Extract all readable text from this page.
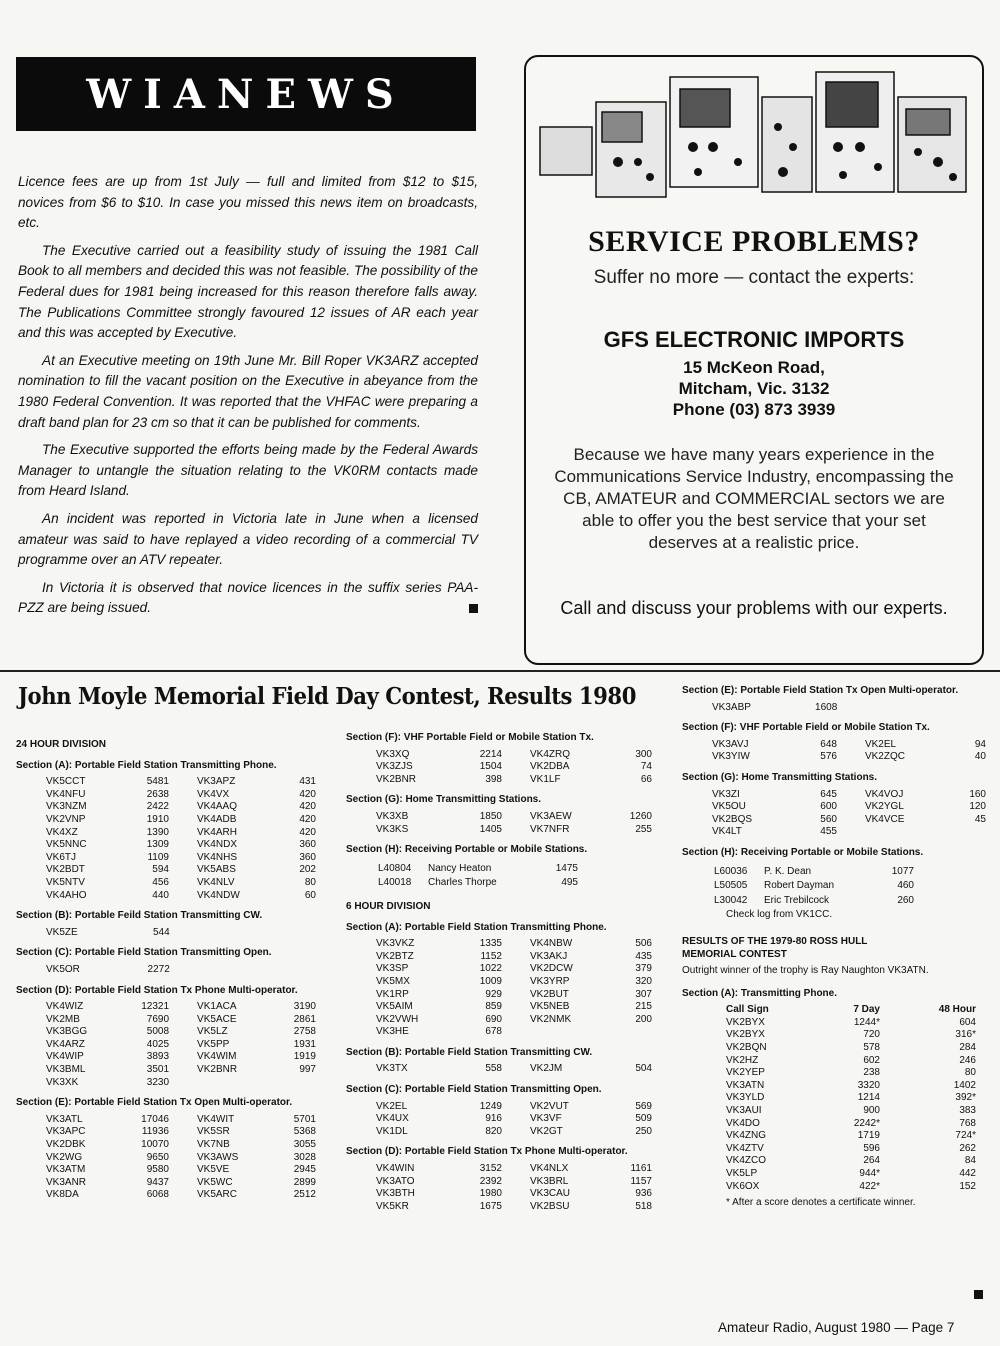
WIANEWS

Licence fees are up from 1st July — full and limited from $12 to $15, novices from $6 to $10. In case you missed this news item on broadcasts, etc.

The Executive carried out a feasibility study of issuing the 1981 Call Book to all members and decided this was not feasible. The possibility of the Federal dues for 1981 being increased for this reason therefore falls away. The Publications Committee strongly favoured 12 issues of AR each year and this was accepted by Executive.

At an Executive meeting on 19th June Mr. Bill Roper VK3ARZ accepted nomination to fill the vacant position on the Executive in abeyance from the 1980 Federal Convention. It was reported that the VHFAC were preparing a draft band plan for 23 cm so that it can be published for comments.

The Executive supported the efforts being made by the Federal Awards Manager to untangle the situation relating to the VK0RM contacts made from Heard Island.

An incident was reported in Victoria late in June when a licensed amateur was said to have replayed a video recording of a commercial TV programme over an ATV repeater.

In Victoria it is observed that novice licences in the suffix series PAA-PZZ are being issued.

SERVICE PROBLEMS?
Suffer no more — contact the experts:
GFS ELECTRONIC IMPORTS
15 McKeon Road,
Mitcham, Vic. 3132
Phone (03) 873 3939
Because we have many years experience in the Communications Service Industry, encompassing the CB, AMATEUR and COMMERCIAL sectors we are able to offer you the best service that your set deserves at a realistic price.
Call and discuss your problems with our experts.
John Moyle Memorial Field Day Contest, Results 1980
24 HOUR DIVISION
Section (A): Portable Field Station Transmitting Phone.
VK5CCT	5481	VK3APZ	431
VK4NFU	2638	VK4VX	420
VK3NZM	2422	VK4AAQ	420
VK2VNP	1910	VK4ADB	420
VK4XZ	1390	VK4ARH	420
VK5NNC	1309	VK4NDX	360
VK6TJ	1109	VK4NHS	360
VK2BDT	594	VK5ABS	202
VK5NTV	456	VK4NLV	80
VK4AHO	440	VK4NDW	60
Section (B): Portable Feild Station Transmitting CW.
VK5ZE	544		
Section (C): Portable Field Station Transmitting Open.
VK5OR	2272		
Section (D): Portable Field Station Tx Phone Multi-operator.
VK4WIZ	12321	VK1ACA	3190
VK2MB	7690	VK5ACE	2861
VK3BGG	5008	VK5LZ	2758
VK4ARZ	4025	VK5PP	1931
VK4WIP	3893	VK4WIM	1919
VK3BML	3501	VK2BNR	997
VK3XK	3230		
Section (E): Portable Field Station Tx Open Multi-operator.
VK3ATL	17046	VK4WIT	5701
VK3APC	11936	VK5SR	5368
VK2DBK	10070	VK7NB	3055
VK2WG	9650	VK3AWS	3028
VK3ATM	9580	VK5VE	2945
VK3ANR	9437	VK5WC	2899
VK8DA	6068	VK5ARC	2512
Section (F): VHF Portable Field or Mobile Station Tx.
VK3XQ	2214	VK4ZRQ	300
VK3ZJS	1504	VK2DBA	74
VK2BNR	398	VK1LF	66
Section (G): Home Transmitting Stations.
VK3XB	1850	VK3AEW	1260
VK3KS	1405	VK7NFR	255
Section (H): Receiving Portable or Mobile Stations.
L40804	Nancy Heaton	1475
L40018	Charles Thorpe	495
6 HOUR DIVISION
Section (A): Portable Field Station Transmitting Phone.
VK3VKZ	1335	VK4NBW	506
VK2BTZ	1152	VK3AKJ	435
VK3SP	1022	VK2DCW	379
VK5MX	1009	VK3YRP	320
VK1RP	929	VK2BUT	307
VK5AIM	859	VK5NEB	215
VK2VWH	690	VK2NMK	200
VK3HE	678		
Section (B): Portable Field Station Transmitting CW.
VK3TX	558	VK2JM	504
Section (C): Portable Field Station Transmitting Open.
VK2EL	1249	VK2VUT	569
VK4UX	916	VK3VF	509
VK1DL	820	VK2GT	250
Section (D): Portable Field Station Tx Phone Multi-operator.
VK4WIN	3152	VK4NLX	1161
VK3ATO	2392	VK3BRL	1157
VK3BTH	1980	VK3CAU	936
VK5KR	1675	VK2BSU	518
Section (E): Portable Field Station Tx Open Multi-operator.
VK3ABP	1608		
Section (F): VHF Portable Field or Mobile Station Tx.
VK3AVJ	648	VK2EL	94
VK3YIW	576	VK2ZQC	40
Section (G): Home Transmitting Stations.
VK3ZI	645	VK4VOJ	160
VK5OU	600	VK2YGL	120
VK2BQS	560	VK4VCE	45
VK4LT	455		
Section (H): Receiving Portable or Mobile Stations.
L60036	P. K. Dean	1077
L50505	Robert Dayman	460
L30042	Eric Trebilcock	260
Check log from VK1CC.
RESULTS OF THE 1979-80 ROSS HULL
MEMORIAL CONTEST
Outright winner of the trophy is Ray Naughton VK3ATN.
Section (A): Transmitting Phone.
Call Sign	7 Day	48 Hour
VK2BYX	1244*	604
VK2BYX	720	316*
VK2BQN	578	284
VK2HZ	602	246
VK2YEP	238	80
VK3ATN	3320	1402
VK3YLD	1214	392*
VK3AUI	900	383
VK4DO	2242*	768
VK4ZNG	1719	724*
VK4ZTV	596	262
VK4ZCO	264	84
VK5LP	944*	442
VK6OX	422*	152
* After a score denotes a certificate winner.
Amateur Radio, August 1980 — Page 7
